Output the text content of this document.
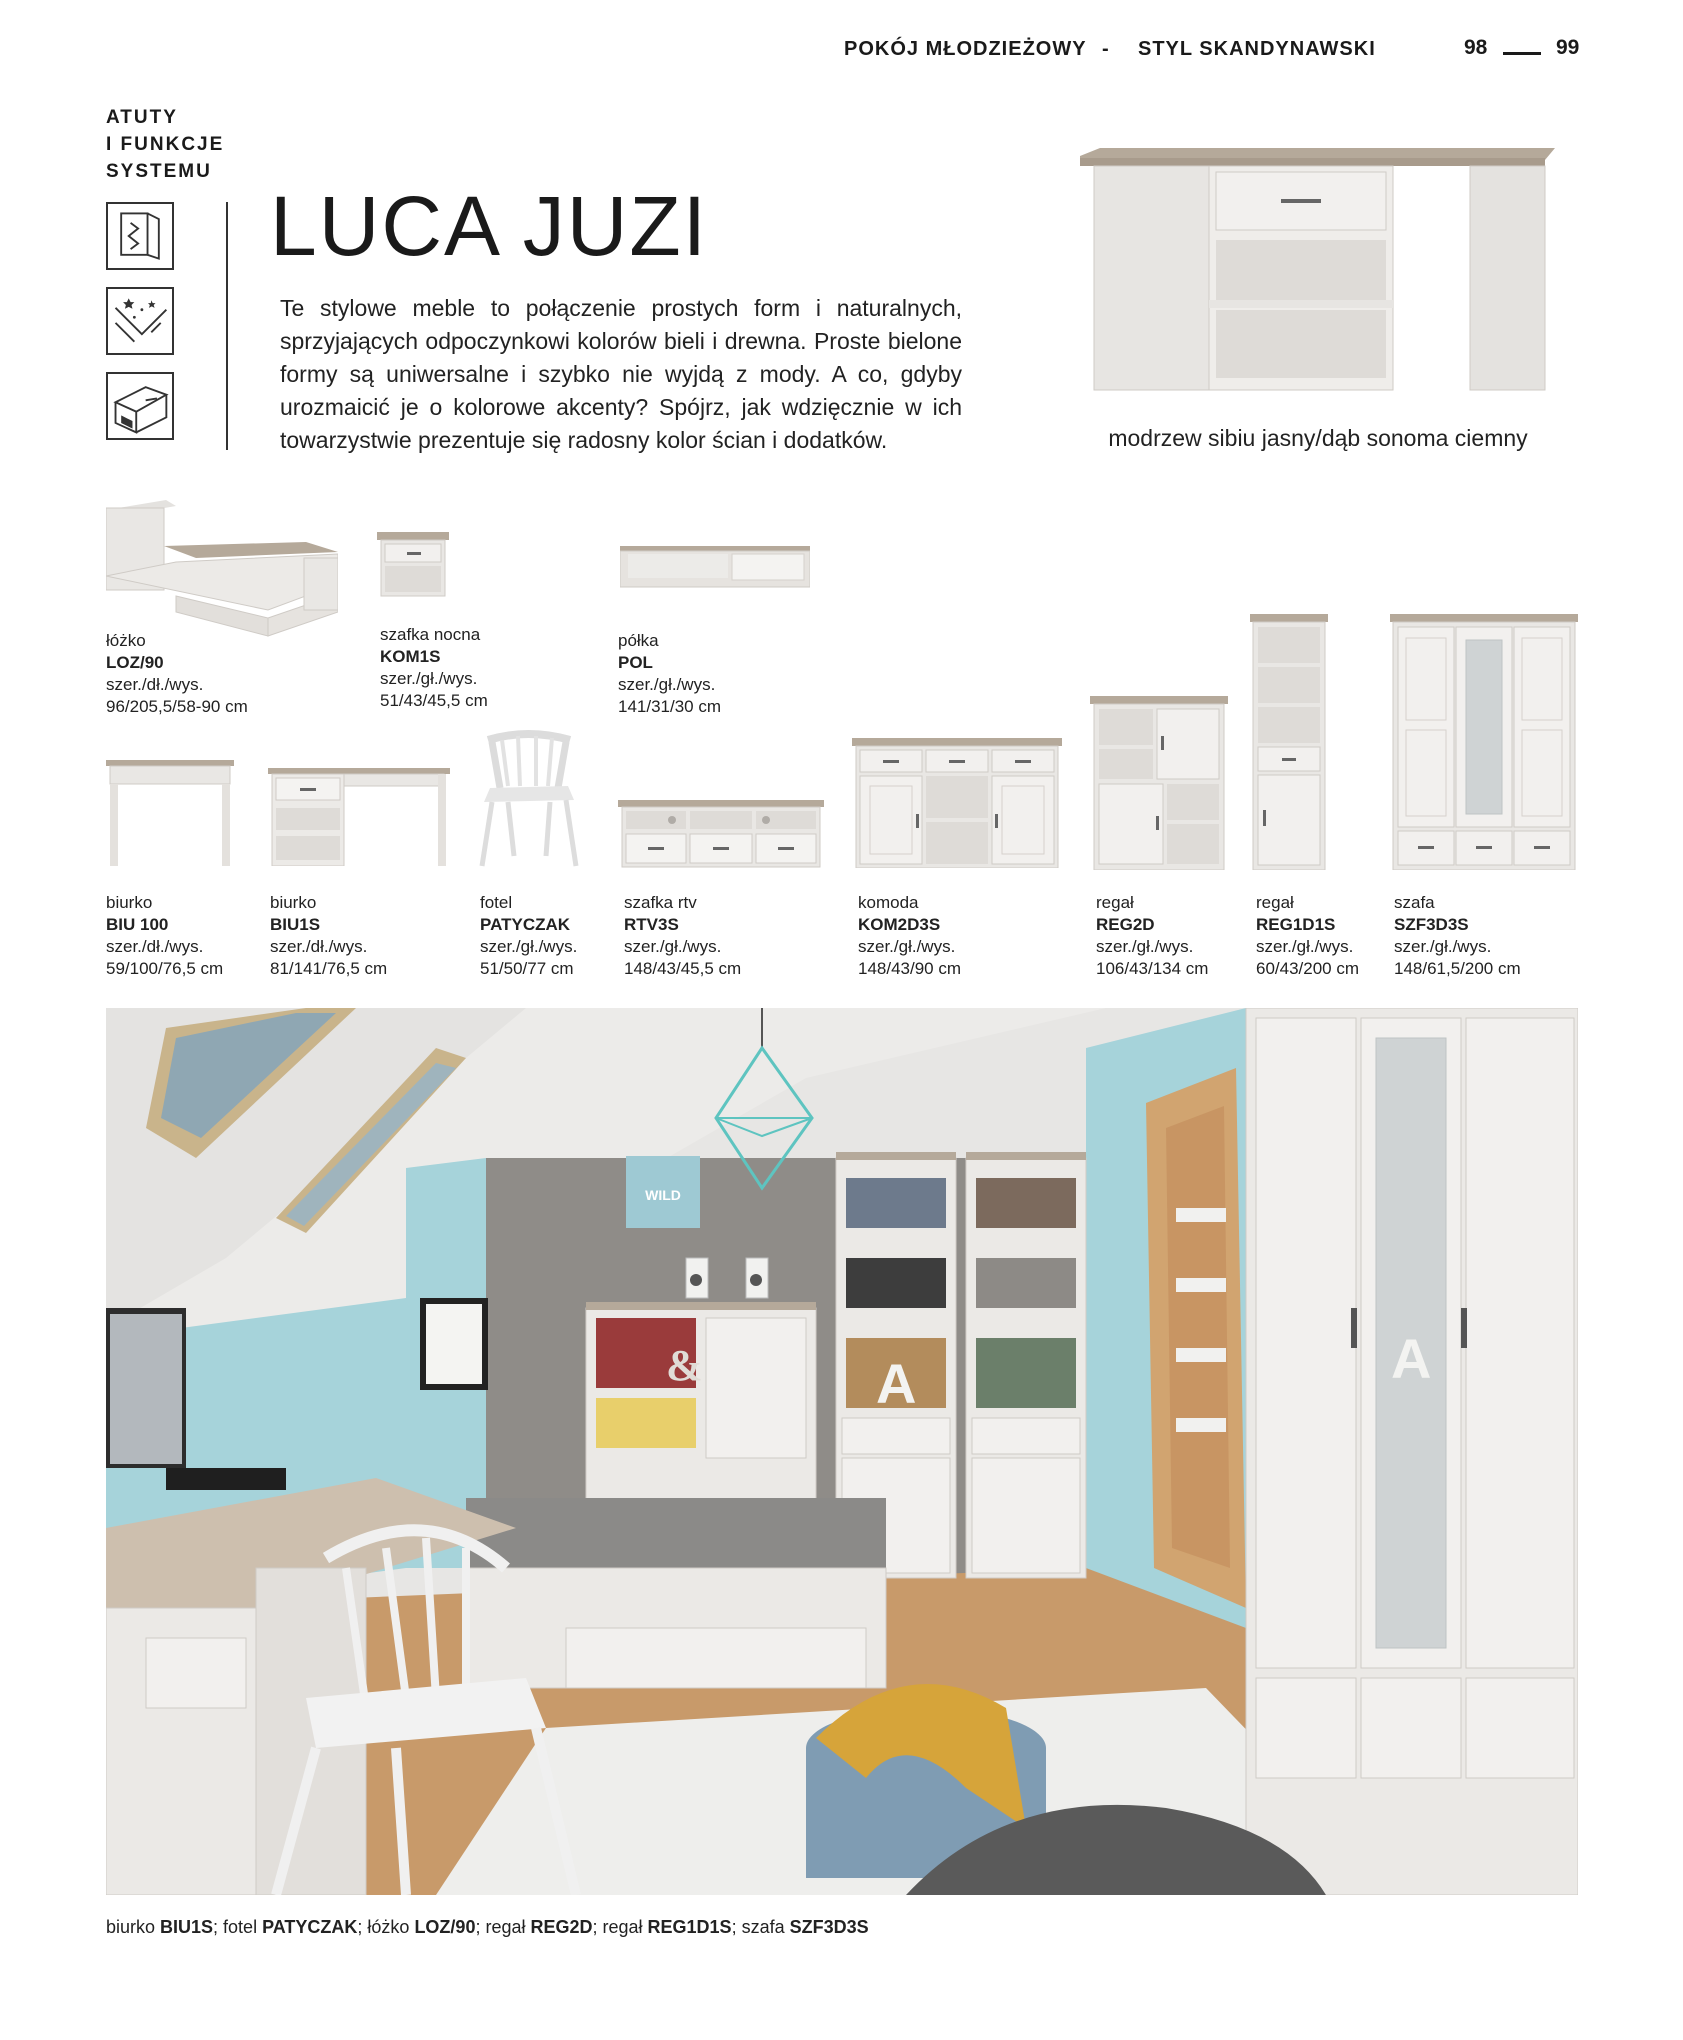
POKÓJ MŁODZIEŻOWY - STYL SKANDYNAWSKI	98	99
ATUTY
I FUNKCJE
SYSTEMU
LUCA JUZI
Te stylowe meble to połączenie prostych form i naturalnych, sprzyjających odpoczynkowi kolorów bieli i drewna. Proste bielone formy są uniwersalne i szybko nie wyjdą z mody. A co, gdyby urozmaicić je o kolorowe akcenty? Spójrz, jak wdzięcznie w ich towarzystwie prezentuje się radosny kolor ścian i dodatków.	modrzew sibiu jasny/dąb sonoma ciemny
łóżko
LOZ/90
szer./dł./wys.
96/205,5/58-90 cm
szafka nocna
KOM1S
szer./gł./wys.
51/43/45,5 cm
półka
POL
szer./gł./wys.
141/31/30 cm
biurko
BIU 100
szer./dł./wys.
59/100/76,5 cm
biurko
BIU1S
szer./dł./wys.
81/141/76,5 cm
fotel
PATYCZAK
szer./gł./wys.
51/50/77 cm
szafka rtv
RTV3S
szer./gł./wys.
148/43/45,5 cm
komoda
KOM2D3S
szer./gł./wys.
148/43/90 cm
regał
REG2D
szer./gł./wys.
106/43/134 cm
regał
REG1D1S
szer./gł./wys.
60/43/200 cm
szafa
SZF3D3S
szer./gł./wys.
148/61,5/200 cm
WILD
A
&	A
biurko BIU1S; fotel PATYCZAK; łóżko LOZ/90; regał REG2D; regał REG1D1S; szafa SZF3D3S
